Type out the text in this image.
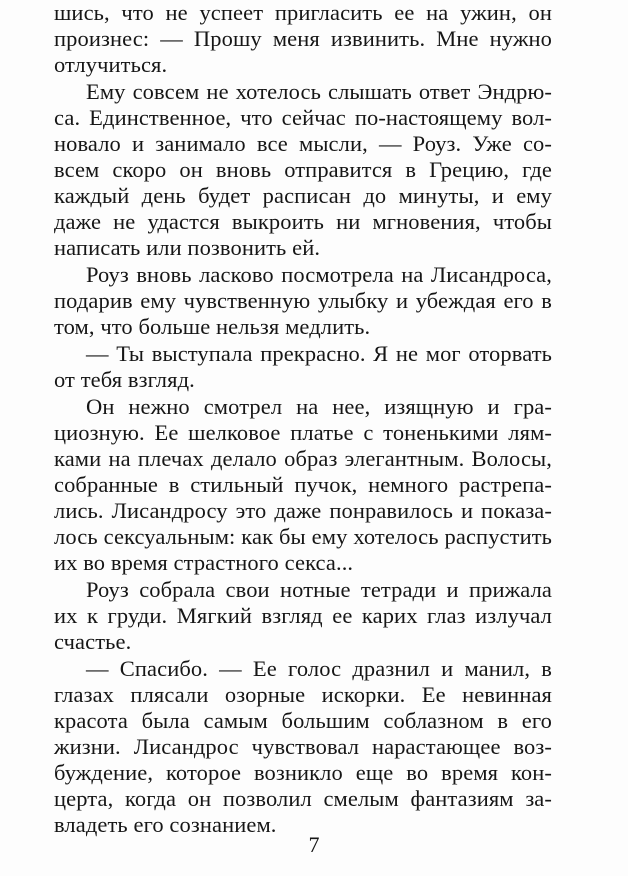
шись, что не успеет пригласить ее на ужин, он
произнес: — Прошу меня извинить. Мне нужно
отлучиться.
Ему совсем не хотелось слышать ответ Эндрю-
са. Единственное, что сейчас по-настоящему вол-
новало и занимало все мысли, — Роуз. Уже со-
всем скоро он вновь отправится в Грецию, где
каждый день будет расписан до минуты, и ему
даже не удастся выкроить ни мгновения, чтобы
написать или позвонить ей.
Роуз вновь ласково посмотрела на Лисандроса,
подарив ему чувственную улыбку и убеждая его в
том, что больше нельзя медлить.
— Ты выступала прекрасно. Я не мог оторвать
от тебя взгляд.
Он нежно смотрел на нее, изящную и гра-
циозную. Ее шелковое платье с тоненькими лям-
ками на плечах делало образ элегантным. Волосы,
собранные в стильный пучок, немного растрепа-
лись. Лисандросу это даже понравилось и показа-
лось сексуальным: как бы ему хотелось распустить
их во время страстного секса...
Роуз собрала свои нотные тетради и прижала
их к груди. Мягкий взгляд ее карих глаз излучал
счастье.
— Спасибо. — Ее голос дразнил и манил, в
глазах плясали озорные искорки. Ее невинная
красота была самым большим соблазном в его
жизни. Лисандрос чувствовал нарастающее воз-
буждение, которое возникло еще во время кон-
церта, когда он позволил смелым фантазиям за-
владеть его сознанием.
7
